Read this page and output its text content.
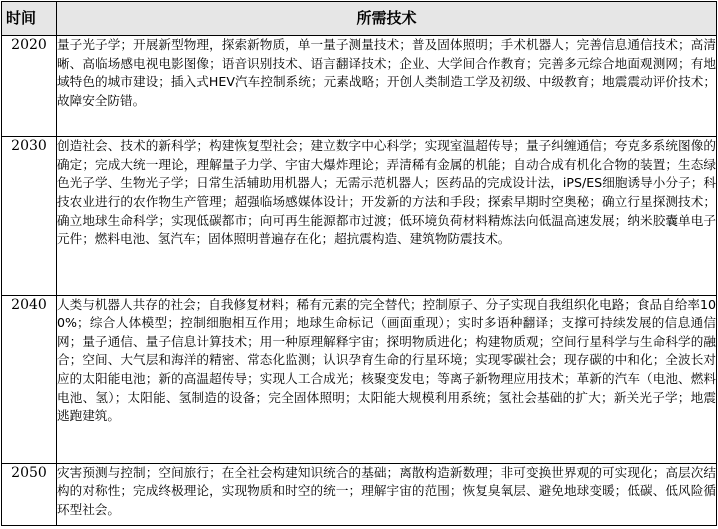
时间	所需技术
2020	量子光子学；开展新型物理，探索新物质，单一量子测量技术；普及固体照明；手术机器人；完善信息通信技术；高清晰、高临场感电视电影图像；语音识别技术、语言翻译技术；企业、大学间合作教育；完善多元综合地面观测网；有地域特色的城市建设；插入式HEV汽车控制系统；元素战略；开创人类制造工学及初级、中级教育；地震震动评价技术；故障安全防错。
2030	创造社会、技术的新科学；构建恢复型社会；建立数字中心科学；实现室温超传导；量子纠缠通信；夸克多系统图像的确定；完成大统一理论，理解量子力学、宇宙大爆炸理论；弄清稀有金属的机能；自动合成有机化合物的装置；生态绿色光子学、生物光子学；日常生活辅助用机器人；无需示范机器人；医药品的完成设计法，iPS/ES细胞诱导小分子；科技农业进行的农作物生产管理；超强临场感媒体设计；开发新的方法和手段；探索早期时空奥秘；确立行星探测技术；确立地球生命科学；实现低碳都市；向可再生能源都市过渡；低环境负荷材料精炼法向低温高速发展；纳米胶囊单电子元件；燃料电池、氢汽车；固体照明普遍存在化；超抗震构造、建筑物防震技术。
2040	人类与机器人共存的社会；自我修复材料；稀有元素的完全替代；控制原子、分子实现自我组织化电路；食品自给率100%；综合人体模型；控制细胞相互作用；地球生命标记（画面重现）；实时多语种翻译；支撑可持续发展的信息通信网；量子通信、量子信息计算技术；用一种原理解释宇宙；探明物质进化；构建物质观；空间行星科学与生命科学的融合；空间、大气层和海洋的精密、常态化监测；认识孕育生命的行星环境；实现零碳社会；现存碳的中和化；全波长对应的太阳能电池；新的高温超传导；实现人工合成光；核聚变发电；等离子新物理应用技术；革新的汽车（电池、燃料电池、氢）；太阳能、氢制造的设备；完全固体照明；太阳能大规模利用系统；氢社会基础的扩大；新关光子学；地震逃跑建筑。
2050	灾害预测与控制；空间旅行；在全社会构建知识统合的基础；离散构造新数理；非可变换世界观的可实现化；高层次结构的对称性；完成终极理论，实现物质和时空的统一；理解宇宙的范围；恢复臭氧层、避免地球变暖；低碳、低风险循环型社会。
